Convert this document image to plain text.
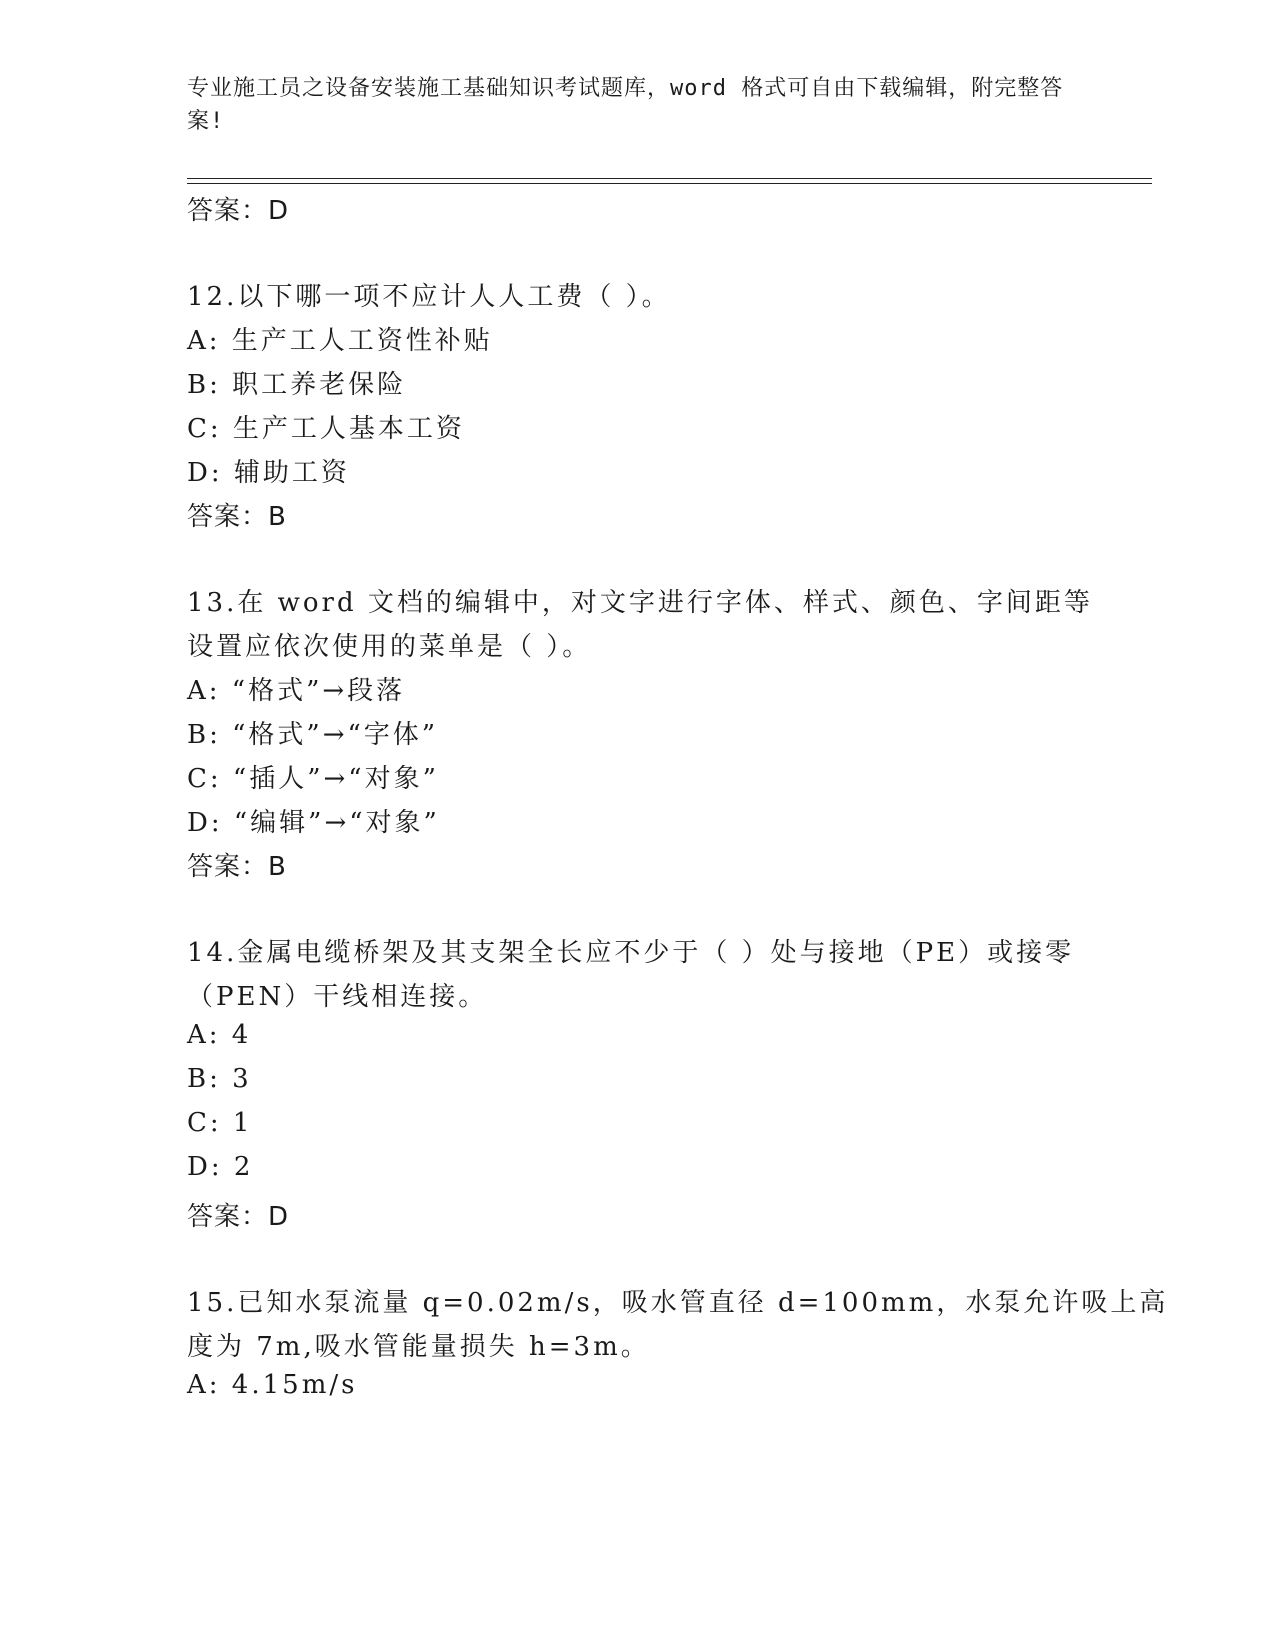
专业施工员之设备安装施工基础知识考试题库，word 格式可自由下载编辑，附完整答案!
答案：D
12.以下哪一项不应计人人工费（ ）。
A: 生产工人工资性补贴
B: 职工养老保险
C: 生产工人基本工资
D: 辅助工资
答案：B
13.在 word 文档的编辑中，对文字进行字体、样式、颜色、字间距等
设置应依次使用的菜单是（ ）。
A: “格式”→段落
B: “格式”→“字体”
C: “插人”→“对象”
D: “编辑”→“对象”
答案：B
14.金属电缆桥架及其支架全长应不少于（ ）处与接地（PE）或接零
（PEN）干线相连接。
A: 4
B: 3
C: 1
D: 2
答案：D
15.已知水泵流量 q=0.02m/s，吸水管直径 d=100mm，水泵允许吸上高
度为 7m,吸水管能量损失 h=3m。
A: 4.15m/s
